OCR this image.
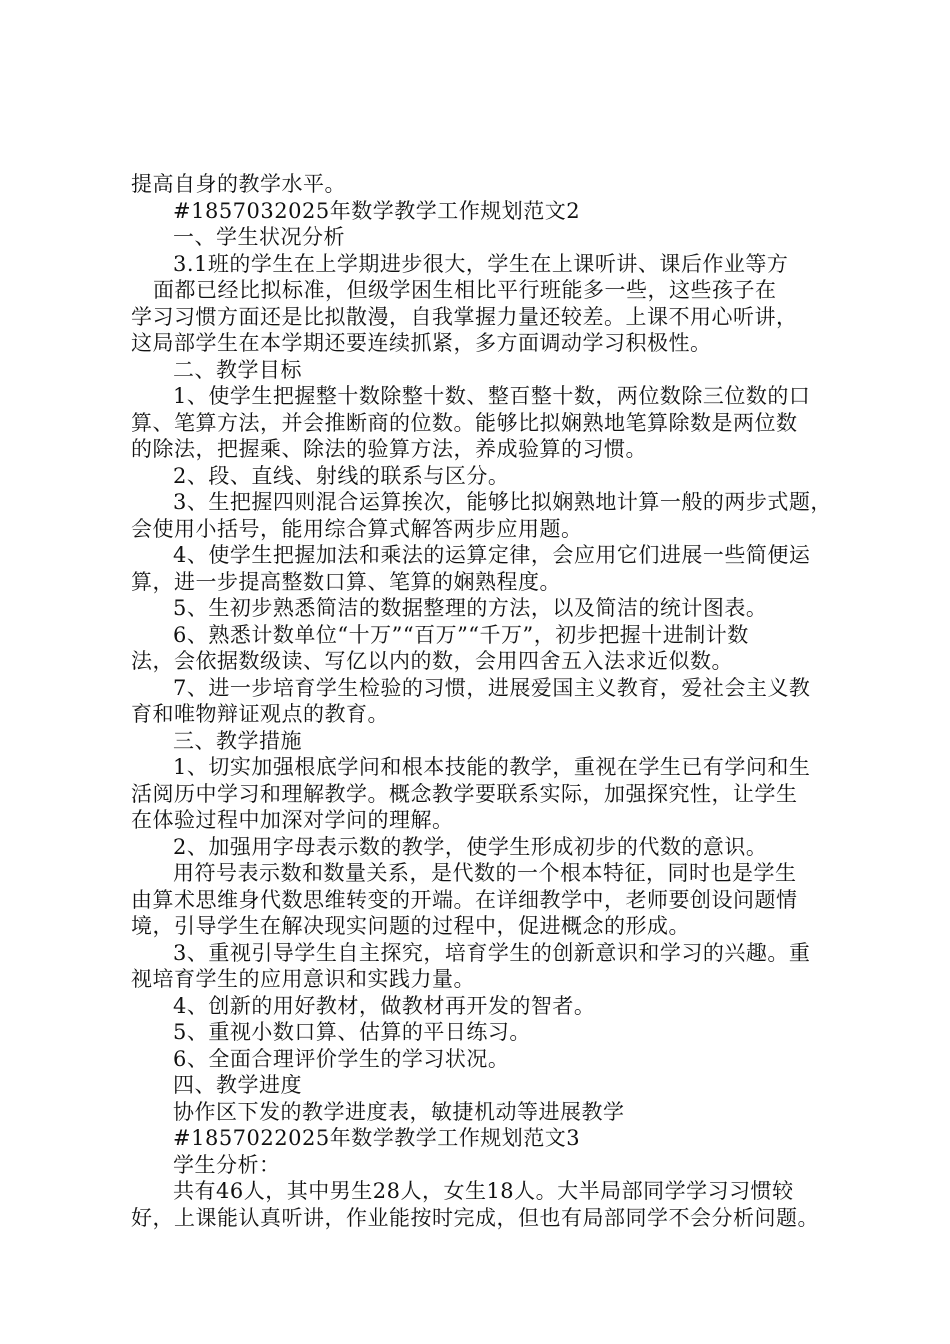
提高自身的教学水平。
#1857032025年数学教学工作规划范文2
一、学生状况分析
3.1班的学生在上学期进步很大，学生在上课听讲、课后作业等方
面都已经比拟标准，但级学困生相比平行班能多一些，这些孩子在
学习习惯方面还是比拟散漫，自我掌握力量还较差。上课不用心听讲，
这局部学生在本学期还要连续抓紧，多方面调动学习积极性。
二、教学目标
1、使学生把握整十数除整十数、整百整十数，两位数除三位数的口
算、笔算方法，并会推断商的位数。能够比拟娴熟地笔算除数是两位数
的除法，把握乘、除法的验算方法，养成验算的习惯。
2、段、直线、射线的联系与区分。
3、生把握四则混合运算挨次，能够比拟娴熟地计算一般的两步式题，
会使用小括号，能用综合算式解答两步应用题。
4、使学生把握加法和乘法的运算定律，会应用它们进展一些简便运
算，进一步提高整数口算、笔算的娴熟程度。
5、生初步熟悉简洁的数据整理的方法，以及简洁的统计图表。
6、熟悉计数单位“十万”“百万”“千万”，初步把握十进制计数
法，会依据数级读、写亿以内的数，会用四舍五入法求近似数。
7、进一步培育学生检验的习惯，进展爱国主义教育，爱社会主义教
育和唯物辩证观点的教育。
三、教学措施
1、切实加强根底学问和根本技能的教学，重视在学生已有学问和生
活阅历中学习和理解教学。概念教学要联系实际，加强探究性，让学生
在体验过程中加深对学问的理解。
2、加强用字母表示数的教学，使学生形成初步的代数的意识。
用符号表示数和数量关系，是代数的一个根本特征，同时也是学生
由算术思维身代数思维转变的开端。在详细教学中，老师要创设问题情
境，引导学生在解决现实问题的过程中，促进概念的形成。
3、重视引导学生自主探究，培育学生的创新意识和学习的兴趣。重
视培育学生的应用意识和实践力量。
4、创新的用好教材，做教材再开发的智者。
5、重视小数口算、估算的平日练习。
6、全面合理评价学生的学习状况。
四、教学进度
协作区下发的教学进度表，敏捷机动等进展教学
#1857022025年数学教学工作规划范文3
学生分析：
共有46人，其中男生28人，女生18人。大半局部同学学习习惯较
好，上课能认真听讲，作业能按时完成，但也有局部同学不会分析问题。
